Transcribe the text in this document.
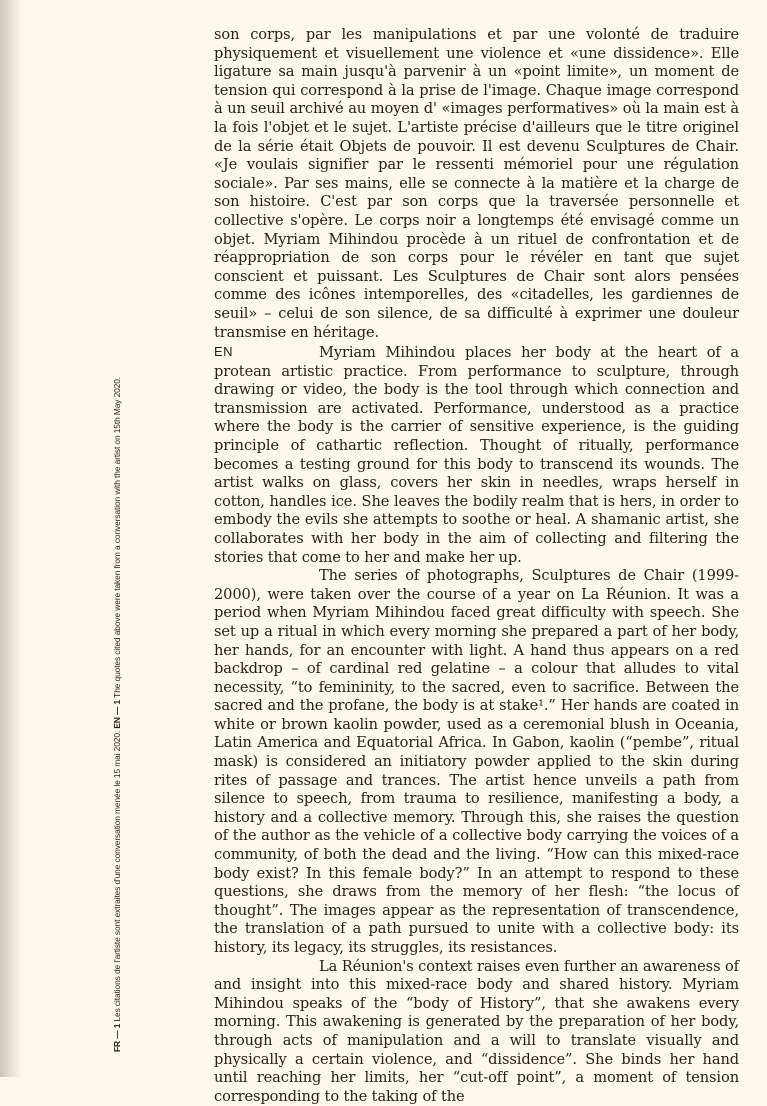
FR — 1 Les citations de l'artiste sont extraites d'une conversation menée le 15 mai 2020. EN — 1 The quotes cited above were taken from a conversation with the artist on 15th May 2020.

son corps, par les manipulations et par une volonté de traduire physiquement et visuellement une violence et «une dissidence». Elle ligature sa main jusqu'à parvenir à un «point limite», un moment de tension qui correspond à la prise de l'image. Chaque image correspond à un seuil archivé au moyen d' «images performatives» où la main est à la fois l'objet et le sujet. L'artiste précise d'ailleurs que le titre originel de la série était Objets de pouvoir. Il est devenu Sculptures de Chair. «Je voulais signifier par le ressenti mémoriel pour une régulation sociale». Par ses mains, elle se connecte à la matière et la charge de son histoire. C'est par son corps que la traversée personnelle et collective s'opère. Le corps noir a longtemps été envisagé comme un objet. Myriam Mihindou procède à un rituel de confrontation et de réappropriation de son corps pour le révéler en tant que sujet conscient et puissant. Les Sculptures de Chair sont alors pensées comme des icônes intemporelles, des «citadelles, les gardiennes de seuil» – celui de son silence, de sa difficulté à exprimer une douleur transmise en héritage.

EN	Myriam Mihindou places her body at the heart of a protean artistic practice. From performance to sculpture, through drawing or video, the body is the tool through which connection and transmission are activated. Performance, understood as a practice where the body is the carrier of sensitive experience, is the guiding principle of cathartic reflection. Thought of ritually, performance becomes a testing ground for this body to transcend its wounds. The artist walks on glass, covers her skin in needles, wraps herself in cotton, handles ice. She leaves the bodily realm that is hers, in order to embody the evils she attempts to soothe or heal. A shamanic artist, she collaborates with her body in the aim of collecting and filtering the stories that come to her and make her up.

The series of photographs, Sculptures de Chair (1999-2000), were taken over the course of a year on La Réunion. It was a period when Myriam Mihindou faced great difficulty with speech. She set up a ritual in which every morning she prepared a part of her body, her hands, for an encounter with light. A hand thus appears on a red backdrop – of cardinal red gelatine – a colour that alludes to vital necessity, “to femininity, to the sacred, even to sacrifice. Between the sacred and the profane, the body is at stake¹.” Her hands are coated in white or brown kaolin powder, used as a ceremonial blush in Oceania, Latin America and Equatorial Africa. In Gabon, kaolin (“pembe”, ritual mask) is considered an initiatory powder applied to the skin during rites of passage and trances. The artist hence unveils a path from silence to speech, from trauma to resilience, manifesting a body, a history and a collective memory. Through this, she raises the question of the author as the vehicle of a collective body carrying the voices of a community, of both the dead and the living. “How can this mixed-race body exist? In this female body?” In an attempt to respond to these questions, she draws from the memory of her flesh: “the locus of thought”. The images appear as the representation of transcendence, the translation of a path pursued to unite with a collective body: its history, its legacy, its struggles, its resistances.

La Réunion's context raises even further an awareness of and insight into this mixed-race body and shared history. Myriam Mihindou speaks of the “body of History”, that she awakens every morning. This awakening is generated by the preparation of her body, through acts of manipulation and a will to translate visually and physically a certain violence, and “dissidence”. She binds her hand until reaching her limits, her “cut-off point”, a moment of tension corresponding to the taking of the
